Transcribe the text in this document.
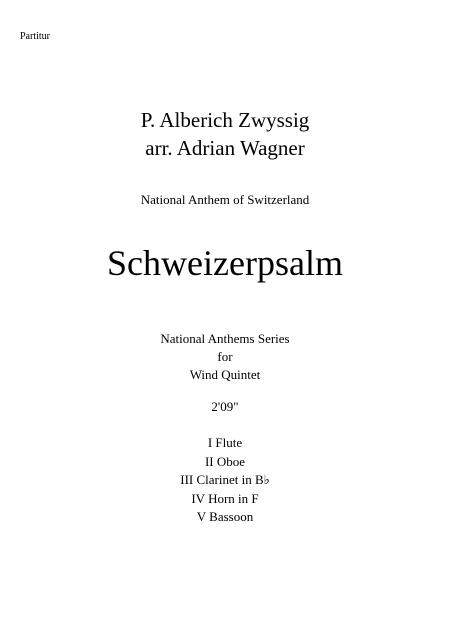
Partitur
P. Alberich Zwyssig
arr. Adrian Wagner
National Anthem of Switzerland
Schweizerpsalm
National Anthems Series
for
Wind Quintet
2'09"
I Flute
II Oboe
III Clarinet in B♭
IV Horn in F
V Bassoon
